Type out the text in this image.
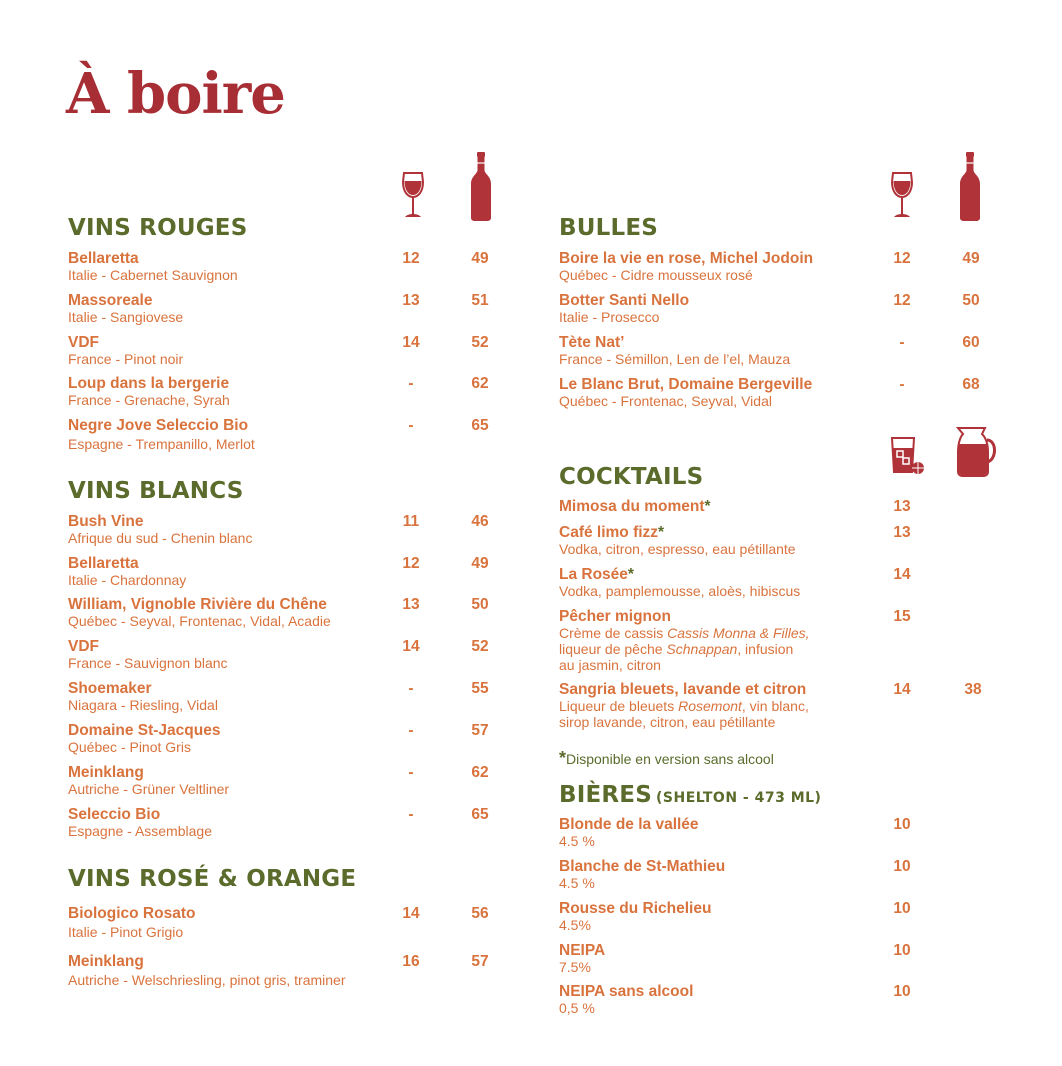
À boire
VINS ROUGES
Bellaretta
Italie - Cabernet Sauvignon
12	49
Massoreale
Italie - Sangiovese
13	51
VDF
France - Pinot noir
14	52
Loup dans la bergerie
France - Grenache, Syrah
-	62
Negre Jove Seleccio Bio
Espagne - Trempanillo, Merlot
-	65
VINS BLANCS
Bush Vine
Afrique du sud - Chenin blanc
11	46
Bellaretta
Italie - Chardonnay
12	49
William, Vignoble Rivière du Chêne
Québec - Seyval, Frontenac, Vidal, Acadie
13	50
VDF
France - Sauvignon blanc
14	52
Shoemaker
Niagara - Riesling, Vidal
-	55
Domaine St-Jacques
Québec - Pinot Gris
-	57
Meinklang
Autriche - Grüner Veltliner
-	62
Seleccio Bio
Espagne - Assemblage
-	65
VINS ROSÉ & ORANGE
Biologico Rosato
Italie - Pinot Grigio
14	56
Meinklang
Autriche - Welschriesling, pinot gris, traminer
16	57
BULLES
Boire la vie en rose, Michel Jodoin
Québec - Cidre mousseux rosé
12	49
Botter Santi Nello
Italie - Prosecco
12	50
Tète Nat’
France - Sémillon, Len de l’el, Mauza
-	60
Le Blanc Brut, Domaine Bergeville
Québec - Frontenac, Seyval, Vidal
-	68
COCKTAILS
Mimosa du moment*	13
Café limo fizz*
Vodka, citron, espresso, eau pétillante
13
La Rosée*
Vodka, pamplemousse, aloès, hibiscus
14
Pêcher mignon
Crème de cassis Cassis Monna & Filles,
liqueur de pêche Schnappan, infusion
au jasmin, citron
15
Sangria bleuets, lavande et citron
Liqueur de bleuets Rosemont, vin blanc,
sirop lavande, citron, eau pétillante
14	38
*Disponible en version sans alcool
BIÈRES (SHELTON - 473 ML)
Blonde de la vallée
4.5 %
10
Blanche de St-Mathieu
4.5 %
10
Rousse du Richelieu
4.5%
10
NEIPA
7.5%
10
NEIPA sans alcool
0,5 %
10
